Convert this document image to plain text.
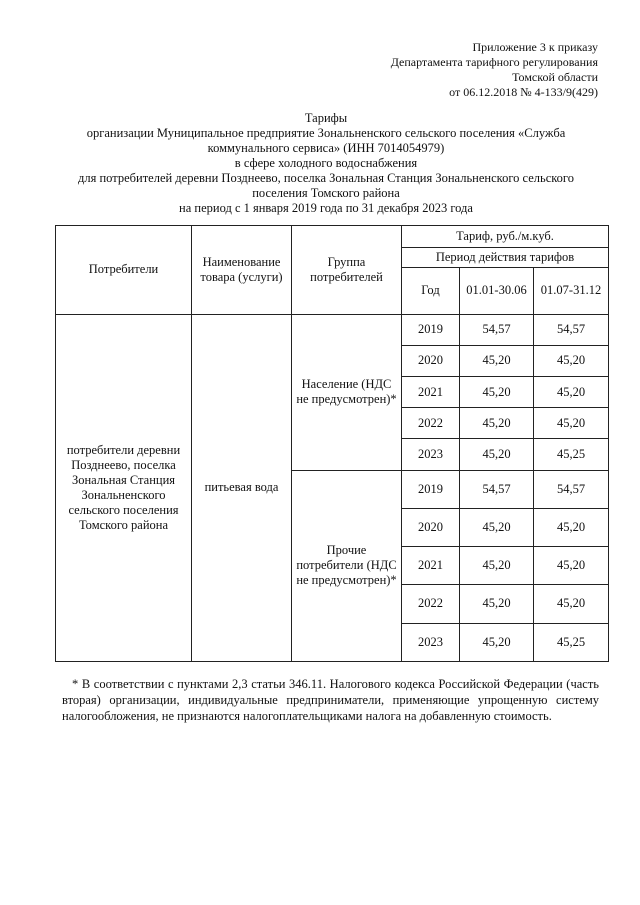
Приложение 3 к приказу
Департамента тарифного регулирования
Томской области
от 06.12.2018 № 4-133/9(429)
Тарифы
организации Муниципальное предприятие Зональненского сельского поселения «Служба
коммунального сервиса» (ИНН 7014054979)
в сфере холодного водоснабжения
для потребителей деревни Позднеево, поселка Зональная Станция Зональненского сельского
поселения Томского района
на период с 1 января 2019 года по 31 декабря 2023 года
Потребители	Наименование товара (услуги)	Группа потребителей	Тариф, руб./м.куб.		
			Период действия тарифов		
			Год	01.01-30.06	01.07-31.12
потребители деревни Позднеево, поселка Зональная Станция Зональненского сельского поселения Томского района	питьевая вода	Население (НДС не предусмотрен)*	2019	54,57	54,57
			2020	45,20	45,20
			2021	45,20	45,20
			2022	45,20	45,20
			2023	45,20	45,25
		Прочие потребители (НДС не предусмотрен)*	2019	54,57	54,57
			2020	45,20	45,20
			2021	45,20	45,20
			2022	45,20	45,20
			2023	45,20	45,25
* В соответствии с пунктами 2,3 статьи 346.11. Налогового кодекса Российской Федерации (часть вторая) организации, индивидуальные предприниматели, применяющие упрощенную систему налогообложения, не признаются налогоплательщиками налога на добавленную стоимость.
